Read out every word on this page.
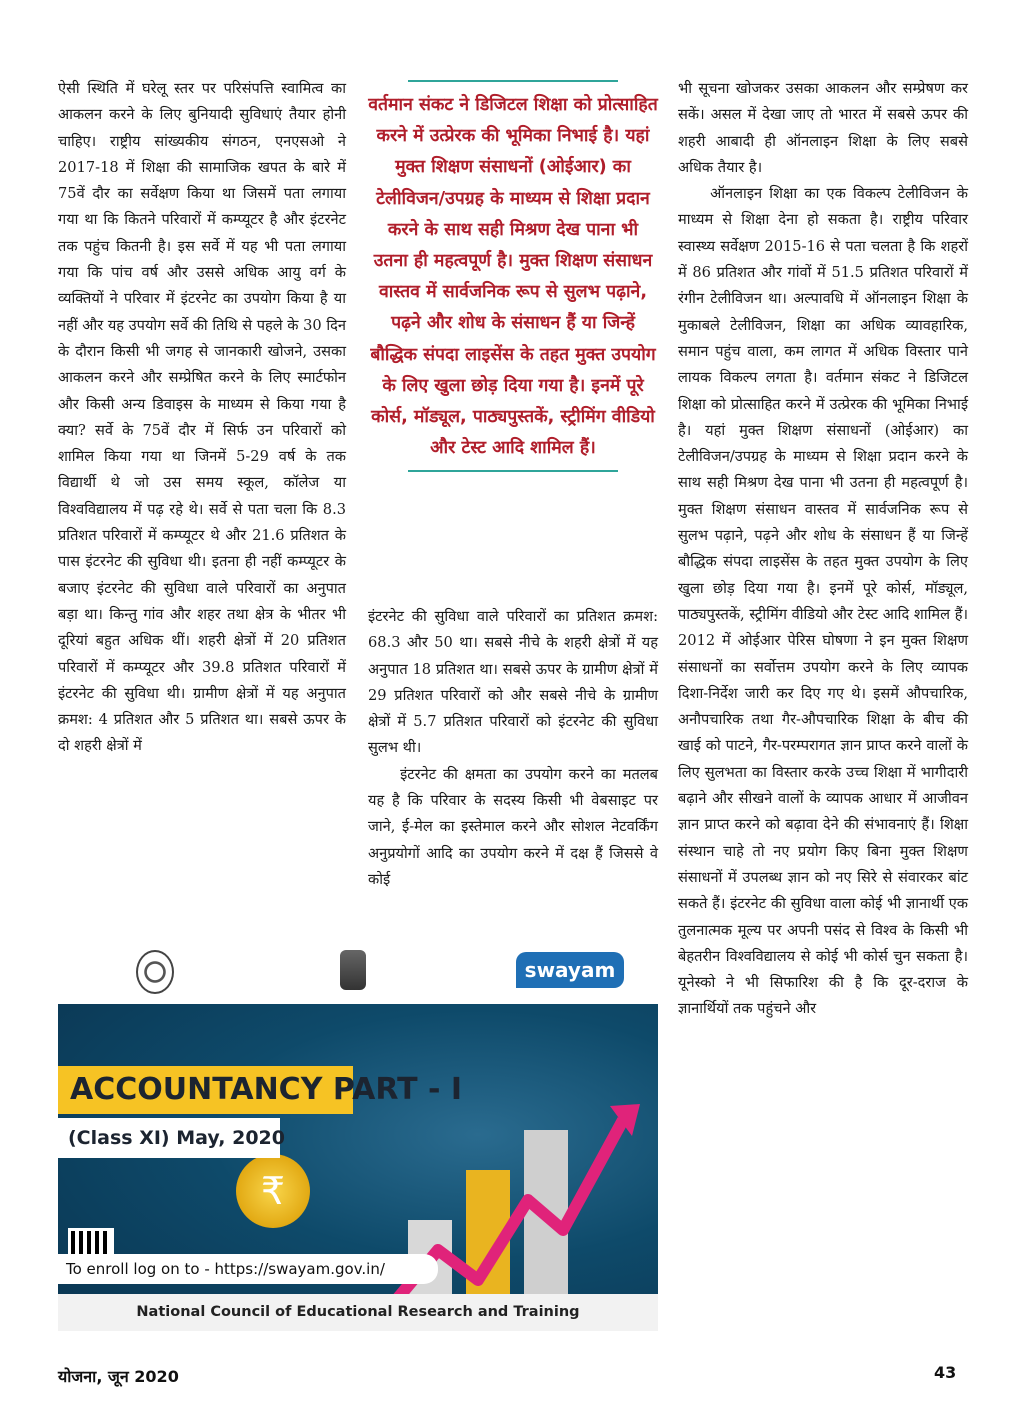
ऐसी स्थिति में घरेलू स्तर पर परिसंपत्ति स्वामित्व का आकलन करने के लिए बुनियादी सुविधाएं तैयार होनी चाहिए। राष्ट्रीय सांख्यकीय संगठन, एनएसओ ने 2017-18 में शिक्षा की सामाजिक खपत के बारे में 75वें दौर का सर्वेक्षण किया था जिसमें पता लगाया गया था कि कितने परिवारों में कम्प्यूटर है और इंटरनेट तक पहुंच कितनी है। इस सर्वे में यह भी पता लगाया गया कि पांच वर्ष और उससे अधिक आयु वर्ग के व्यक्तियों ने परिवार में इंटरनेट का उपयोग किया है या नहीं और यह उपयोग सर्वे की तिथि से पहले के 30 दिन के दौरान किसी भी जगह से जानकारी खोजने, उसका आकलन करने और सम्प्रेषित करने के लिए स्मार्टफोन और किसी अन्य डिवाइस के माध्यम से किया गया है क्या? सर्वे के 75वें दौर में सिर्फ उन परिवारों को शामिल किया गया था जिनमें 5-29 वर्ष के तक विद्यार्थी थे जो उस समय स्कूल, कॉलेज या विश्वविद्यालय में पढ़ रहे थे। सर्वे से पता चला कि 8.3 प्रतिशत परिवारों में कम्प्यूटर थे और 21.6 प्रतिशत के पास इंटरनेट की सुविधा थी। इतना ही नहीं कम्प्यूटर के बजाए इंटरनेट की सुविधा वाले परिवारों का अनुपात बड़ा था। किन्तु गांव और शहर तथा क्षेत्र के भीतर भी दूरियां बहुत अधिक थीं। शहरी क्षेत्रों में 20 प्रतिशत परिवारों में कम्प्यूटर और 39.8 प्रतिशत परिवारों में इंटरनेट की सुविधा थी। ग्रामीण क्षेत्रों में यह अनुपात क्रमश: 4 प्रतिशत और 5 प्रतिशत था। सबसे ऊपर के दो शहरी क्षेत्रों में

वर्तमान संकट ने डिजिटल शिक्षा को प्रोत्साहित करने में उत्प्रेरक की भूमिका निभाई है। यहां मुक्त शिक्षण संसाधनों (ओईआर) का टेलीविजन/उपग्रह के माध्यम से शिक्षा प्रदान करने के साथ सही मिश्रण देख पाना भी उतना ही महत्वपूर्ण है। मुक्त शिक्षण संसाधन वास्तव में सार्वजनिक रूप से सुलभ पढ़ाने, पढ़ने और शोध के संसाधन हैं या जिन्हें बौद्धिक संपदा लाइसेंस के तहत मुक्त उपयोग के लिए खुला छोड़ दिया गया है। इनमें पूरे कोर्स, मॉड्यूल, पाठ्यपुस्तकें, स्ट्रीमिंग वीडियो और टेस्ट आदि शामिल हैं।

इंटरनेट की सुविधा वाले परिवारों का प्रतिशत क्रमश: 68.3 और 50 था। सबसे नीचे के शहरी क्षेत्रों में यह अनुपात 18 प्रतिशत था। सबसे ऊपर के ग्रामीण क्षेत्रों में 29 प्रतिशत परिवारों को और सबसे नीचे के ग्रामीण क्षेत्रों में 5.7 प्रतिशत परिवारों को इंटरनेट की सुविधा सुलभ थी।

इंटरनेट की क्षमता का उपयोग करने का मतलब यह है कि परिवार के सदस्य किसी भी वेबसाइट पर जाने, ई-मेल का इस्तेमाल करने और सोशल नेटवर्किंग अनुप्रयोगों आदि का उपयोग करने में दक्ष हैं जिससे वे कोई

भी सूचना खोजकर उसका आकलन और सम्प्रेषण कर सकें। असल में देखा जाए तो भारत में सबसे ऊपर की शहरी आबादी ही ऑनलाइन शिक्षा के लिए सबसे अधिक तैयार है।

ऑनलाइन शिक्षा का एक विकल्प टेलीविजन के माध्यम से शिक्षा देना हो सकता है। राष्ट्रीय परिवार स्वास्थ्य सर्वेक्षण 2015-16 से पता चलता है कि शहरों में 86 प्रतिशत और गांवों में 51.5 प्रतिशत परिवारों में रंगीन टेलीविजन था। अल्पावधि में ऑनलाइन शिक्षा के मुकाबले टेलीविजन, शिक्षा का अधिक व्यावहारिक, समान पहुंच वाला, कम लागत में अधिक विस्तार पाने लायक विकल्प लगता है। वर्तमान संकट ने डिजिटल शिक्षा को प्रोत्साहित करने में उत्प्रेरक की भूमिका निभाई है। यहां मुक्त शिक्षण संसाधनों (ओईआर) का टेलीविजन/उपग्रह के माध्यम से शिक्षा प्रदान करने के साथ सही मिश्रण देख पाना भी उतना ही महत्वपूर्ण है। मुक्त शिक्षण संसाधन वास्तव में सार्वजनिक रूप से सुलभ पढ़ाने, पढ़ने और शोध के संसाधन हैं या जिन्हें बौद्धिक संपदा लाइसेंस के तहत मुक्त उपयोग के लिए खुला छोड़ दिया गया है। इनमें पूरे कोर्स, मॉड्यूल, पाठ्यपुस्तकें, स्ट्रीमिंग वीडियो और टेस्ट आदि शामिल हैं। 2012 में ओईआर पेरिस घोषणा ने इन मुक्त शिक्षण संसाधनों का सर्वोत्तम उपयोग करने के लिए व्यापक दिशा-निर्देश जारी कर दिए गए थे। इसमें औपचारिक, अनौपचारिक तथा गैर-औपचारिक शिक्षा के बीच की खाई को पाटने, गैर-परम्परागत ज्ञान प्राप्त करने वालों के लिए सुलभता का विस्तार करके उच्च शिक्षा में भागीदारी बढ़ाने और सीखने वालों के व्यापक आधार में आजीवन ज्ञान प्राप्त करने को बढ़ावा देने की संभावनाएं हैं। शिक्षा संस्थान चाहे तो नए प्रयोग किए बिना मुक्त शिक्षण संसाधनों में उपलब्ध ज्ञान को नए सिरे से संवारकर बांट सकते हैं। इंटरनेट की सुविधा वाला कोई भी ज्ञानार्थी एक तुलनात्मक मूल्य पर अपनी पसंद से विश्व के किसी भी बेहतरीन विश्वविद्यालय से कोई भी कोर्स चुन सकता है। यूनेस्को ने भी सिफारिश की है कि दूर-दराज के ज्ञानार्थियों तक पहुंचने और

swayam
₹
ACCOUNTANCY PART - I
(Class XI) May, 2020
To enroll log on to - https://swayam.gov.in/
National Council of Educational Research and Training
योजना, जून 2020	43
